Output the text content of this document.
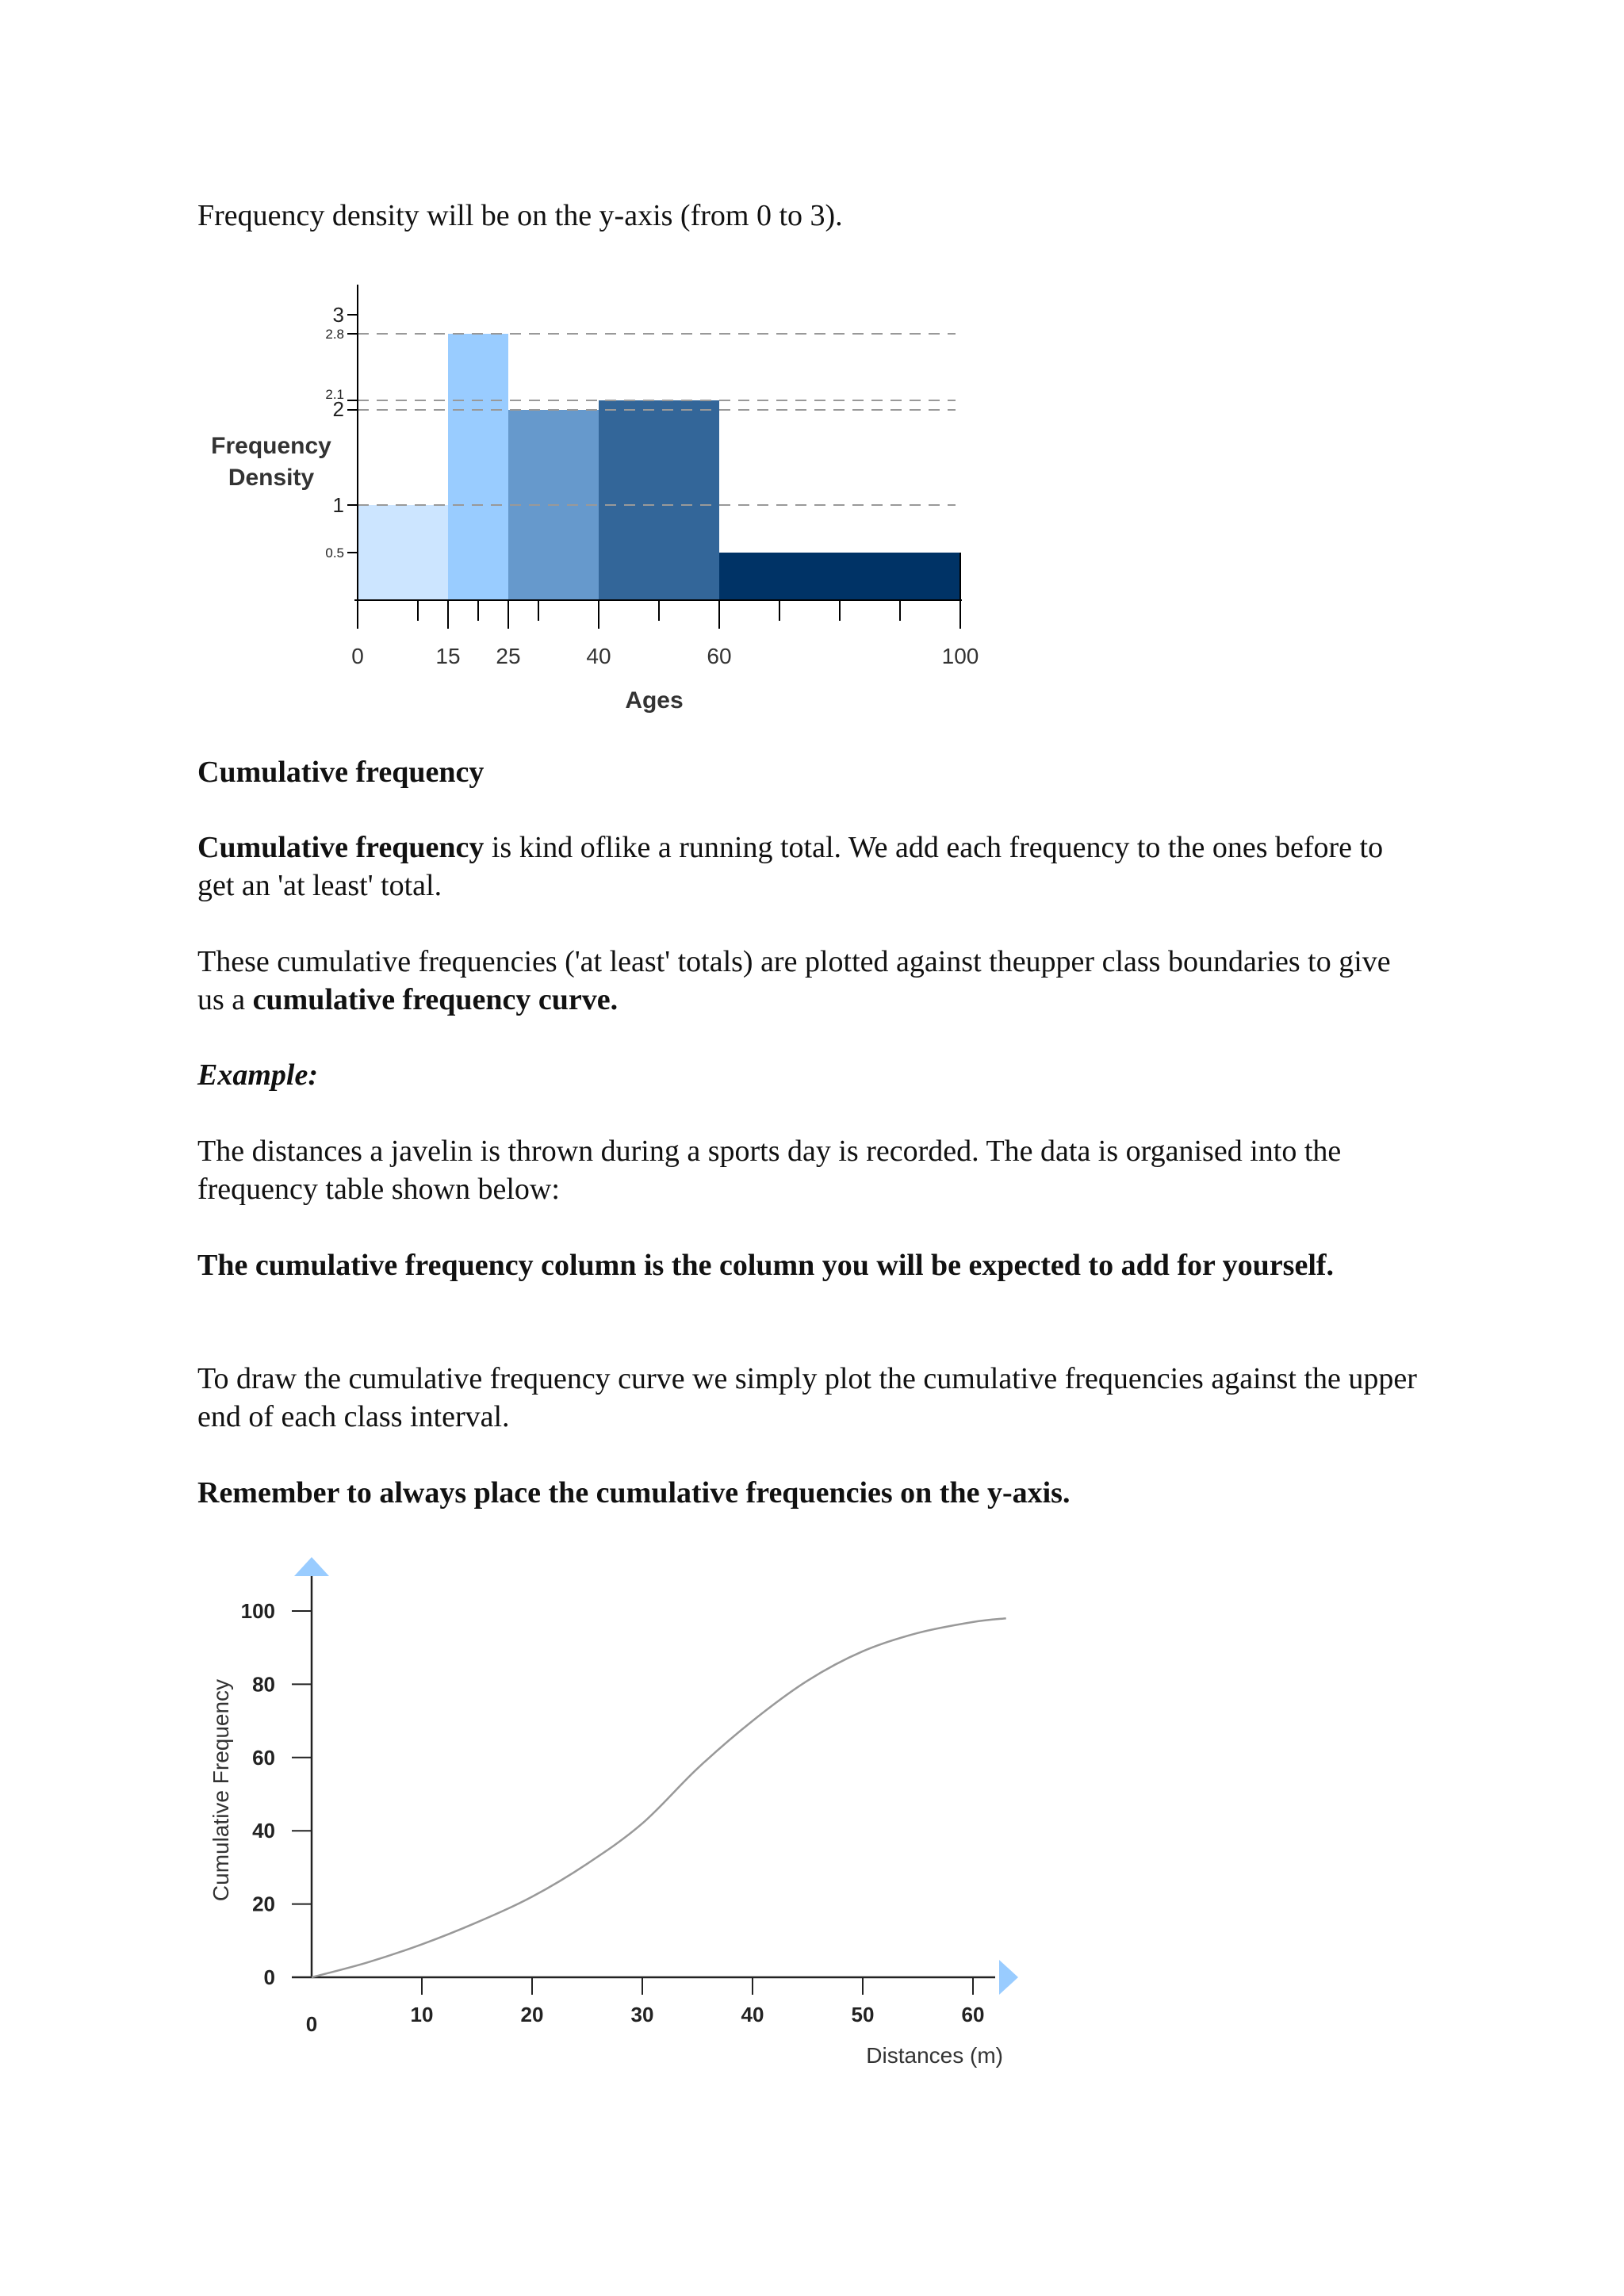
Frequency density will be on the y-axis (from 0 to 3).

0.5
1
2
2.1
2.8
3
0	15 25	40	60	100
Ages
Frequency
Density

Cumulative frequency

Cumulative frequency is kind oflike a running total. We add each frequency to the ones before to get an 'at least' total.

These cumulative frequencies ('at least' totals) are plotted against theupper class boundaries to give us a cumulative frequency curve.

Example:

The distances a javelin is thrown during a sports day is recorded. The data is organised into the frequency table shown below:

The cumulative frequency column is the column you will be expected to add for yourself.

To draw the cumulative frequency curve we simply plot the cumulative frequencies against the upper end of each class interval.

Remember to always place the cumulative frequencies on the y-axis.

0
20
40
60
80
100
0	10	20	30	40	50	60
Distances (m)
Cumulative Frequency
